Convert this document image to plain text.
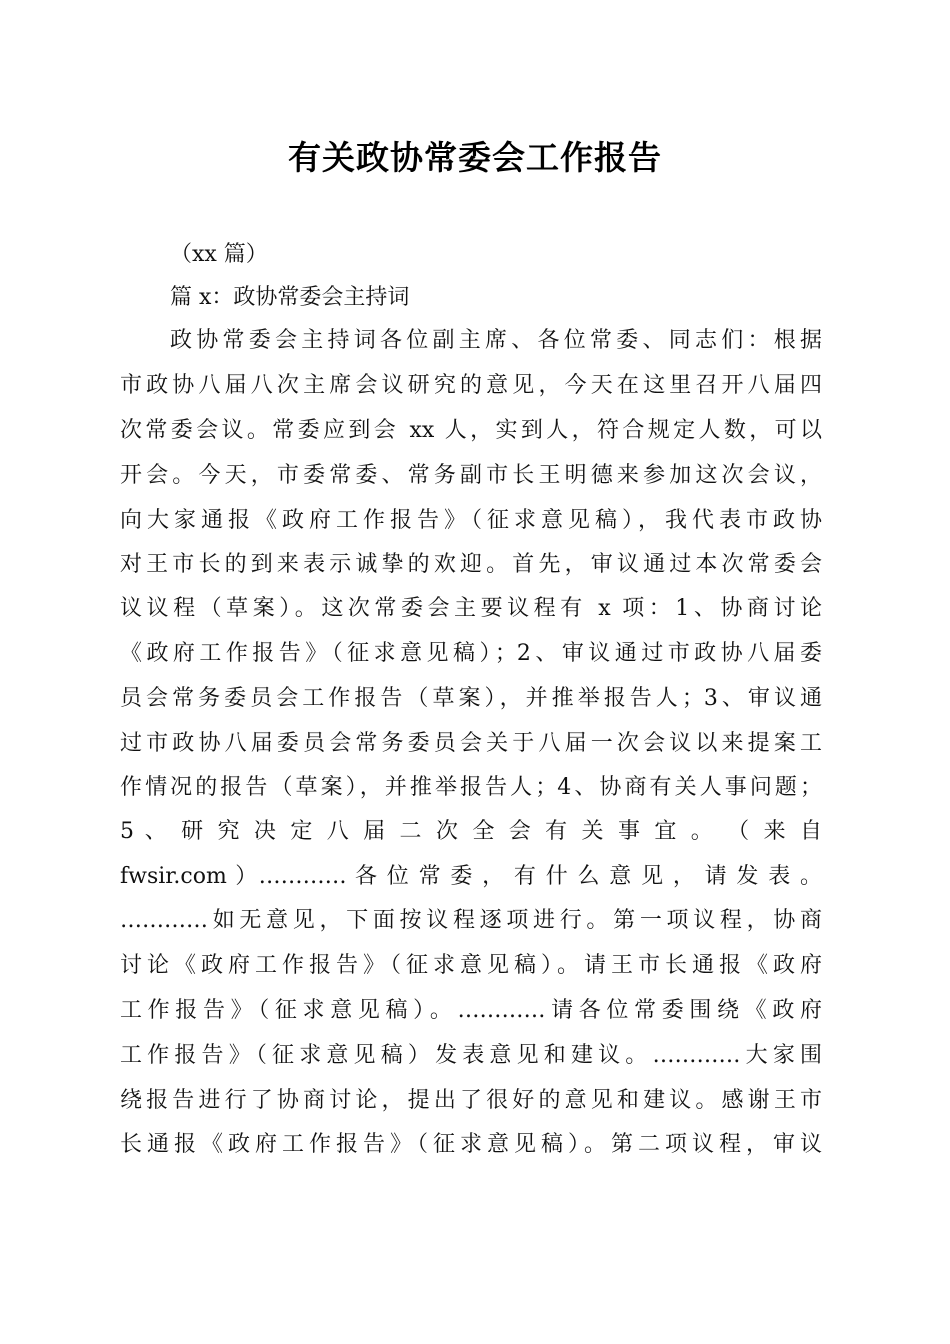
有关政协常委会工作报告
（xx 篇）
篇 x：政协常委会主持词
政协常委会主持词各位副主席、各位常委、同志们：根据
市政协八届八次主席会议研究的意见，今天在这里召开八届四
次常委会议。常委应到会 xx 人，实到人，符合规定人数，可以
开会。今天，市委常委、常务副市长王明德来参加这次会议，
向大家通报《政府工作报告》（征求意见稿），我代表市政协
对王市长的到来表示诚挚的欢迎。首先，审议通过本次常委会
议议程（草案）。这次常委会主要议程有 x 项：1、协商讨论
《政府工作报告》（征求意见稿）；2、审议通过市政协八届委
员会常务委员会工作报告（草案），并推举报告人；3、审议通
过市政协八届委员会常务委员会关于八届一次会议以来提案工
作情况的报告（草案），并推举报告人；4、协商有关人事问题；
5 、 研 究 决 定 八 届 二 次 全 会 有 关 事 宜 。 （ 来 自
fwsir.com ）………… 各 位 常 委 ， 有 什 么 意 见 ， 请 发 表 。
…………如无意见，下面按议程逐项进行。第一项议程，协商
讨论《政府工作报告》（征求意见稿）。请王市长通报《政府
工作报告》（征求意见稿）。…………请各位常委围绕《政府
工作报告》（征求意见稿）发表意见和建议。…………大家围
绕报告进行了协商讨论，提出了很好的意见和建议。感谢王市
长通报《政府工作报告》（征求意见稿）。第二项议程，审议
